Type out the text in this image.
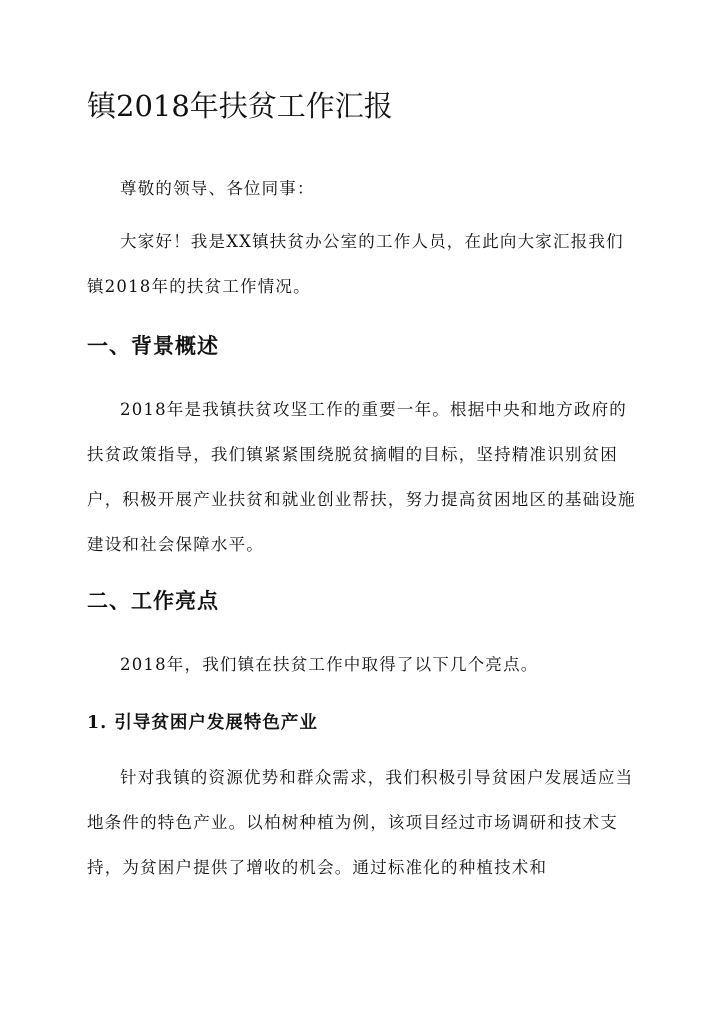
镇2018年扶贫工作汇报

尊敬的领导、各位同事：

大家好！我是XX镇扶贫办公室的工作人员，在此向大家汇报我们镇2018年的扶贫工作情况。

一、背景概述

2018年是我镇扶贫攻坚工作的重要一年。根据中央和地方政府的扶贫政策指导，我们镇紧紧围绕脱贫摘帽的目标，坚持精准识别贫困户，积极开展产业扶贫和就业创业帮扶，努力提高贫困地区的基础设施建设和社会保障水平。

二、工作亮点

2018年，我们镇在扶贫工作中取得了以下几个亮点。

1. 引导贫困户发展特色产业

针对我镇的资源优势和群众需求，我们积极引导贫困户发展适应当地条件的特色产业。以柏树种植为例，该项目经过市场调研和技术支持，为贫困户提供了增收的机会。通过标准化的种植技术和
